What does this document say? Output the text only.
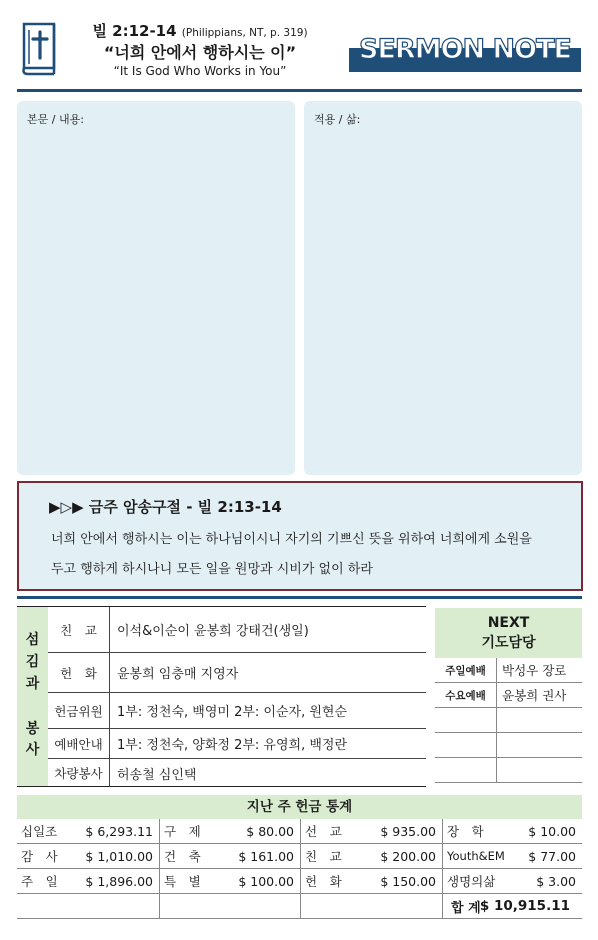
빌 2:12-14 (Philippians, NT, p. 319)
“너희 안에서 행하시는 이”
“It Is God Who Works in You”
SERMON NOTE
본문 / 내용:	적용 / 삶:
▶▷▶ 금주 암송구절 - 빌 2:13-14
너희 안에서 행하시는 이는 하나님이시니 자기의 기쁘신 뜻을 위하여 너희에게 소원을
두고 행하게 하시나니 모든 일을 원망과 시비가 없이 하라
섬
김
과
봉
사
친　교	이석&이순이 윤봉희 강태건(생일)
헌　화	윤봉희 임충매 지영자
헌금위원	1부: 정천숙, 백영미 2부: 이순자, 원현순
예배안내	1부: 정천숙, 양화정 2부: 유영희, 백정란
차량봉사	허송철 심인택
NEXT
기도담당
주일예배	박성우 장로
수요예배	윤봉희 권사
지난 주 헌금 통계
십일조 $ 6,293.11 구　제	$ 80.00 선　교	$ 935.00 장　학	$ 10.00
감　사 $ 1,010.00 건　축	$ 161.00 친　교	$ 200.00 Youth&EM $ 77.00
주　일 $ 1,896.00 특　별	$ 100.00 헌　화	$ 150.00 생명의삶	$ 3.00
합 계 $ 10,915.11
